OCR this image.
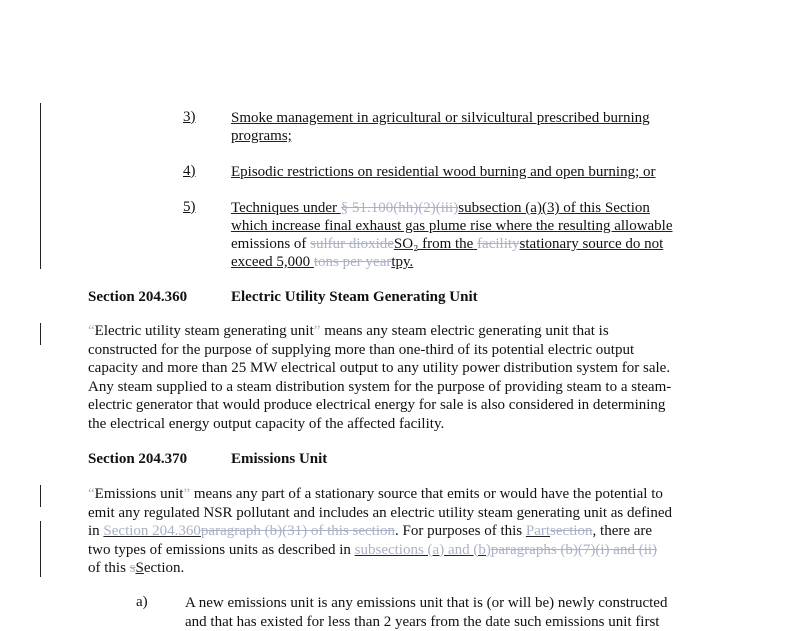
3)	Smoke management in agricultural or silvicultural prescribed burning
programs;
4)	Episodic restrictions on residential wood burning and open burning; or
5)	Techniques under § 51.100(hh)(2)(iii)subsection (a)(3) of this Section
which increase final exhaust gas plume rise where the resulting allowable
emissions of sulfur dioxideSO₂ from the facilitystationary source do not
exceed 5,000 tons per yeartpy.
Section 204.360	Electric Utility Steam Generating Unit
“Electric utility steam generating unit” means any steam electric generating unit that is
constructed for the purpose of supplying more than one-third of its potential electric output
capacity and more than 25 MW electrical output to any utility power distribution system for sale.
Any steam supplied to a steam distribution system for the purpose of providing steam to a steam-
electric generator that would produce electrical energy for sale is also considered in determining
the electrical energy output capacity of the affected facility.
Section 204.370	Emissions Unit
“Emissions unit” means any part of a stationary source that emits or would have the potential to
emit any regulated NSR pollutant and includes an electric utility steam generating unit as defined
in Section 204.360paragraph (b)(31) of this section. For purposes of this Partsection, there are
two types of emissions units as described in subsections (a) and (b)paragraphs (b)(7)(i) and (ii)
of this sSection.
a) A new emissions unit is any emissions unit that is (or will be) newly constructed
and that has existed for less than 2 years from the date such emissions unit first
